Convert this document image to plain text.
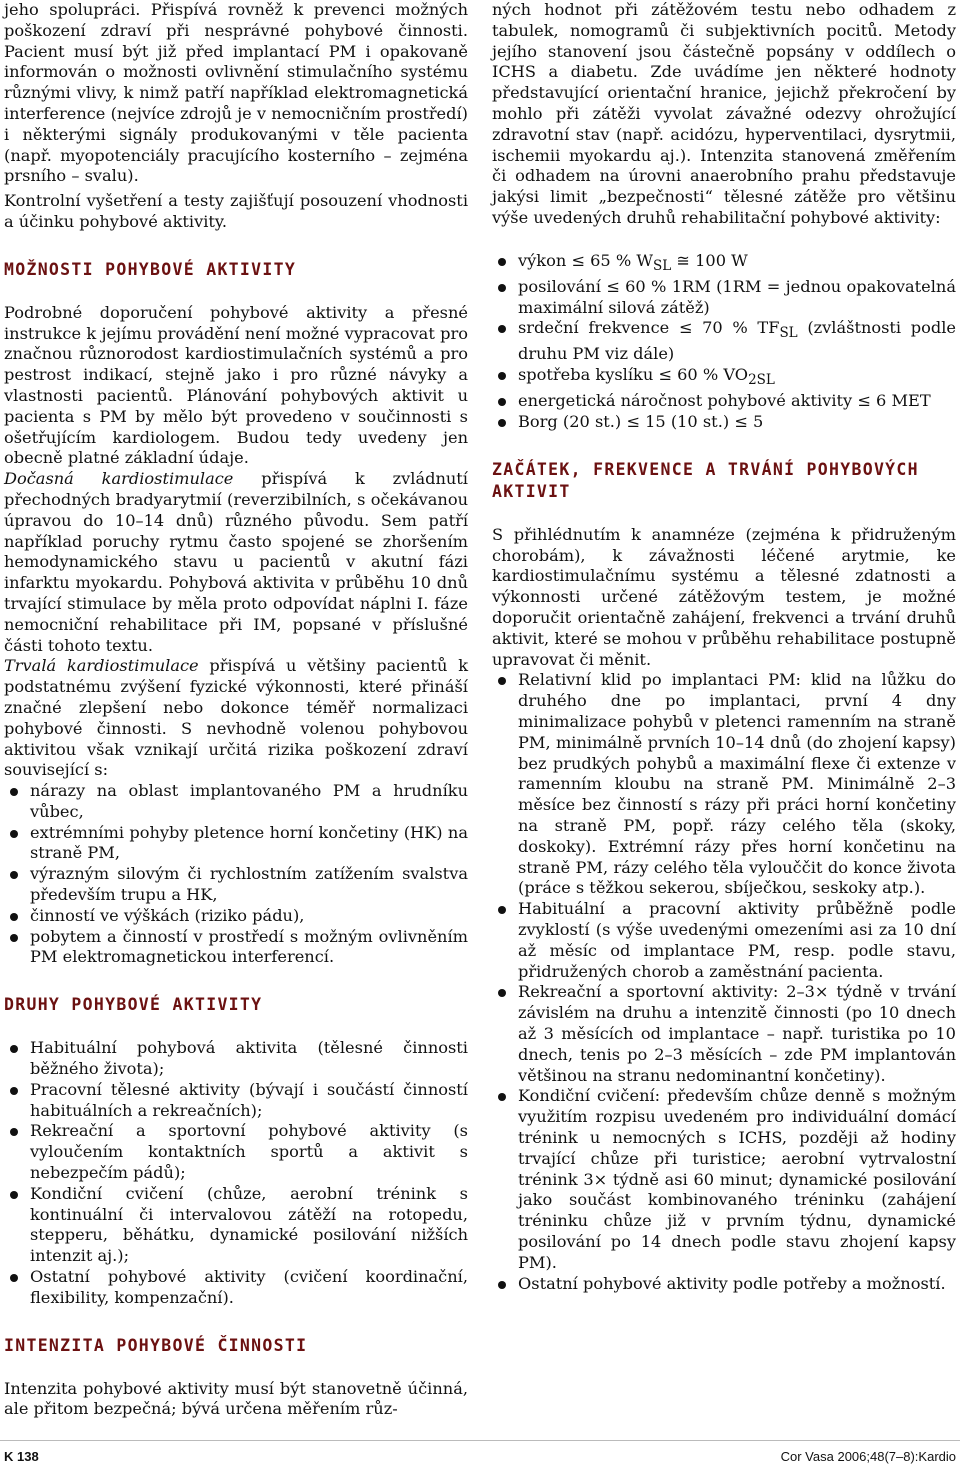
jeho spolupráci. Přispívá rovněž k prevenci možných poškození zdraví při nesprávné pohybové činnosti. Pacient musí být již před implantací PM i opakovaně informován o možnosti ovlivnění stimulačního systému různými vlivy, k nimž patří například elektromagnetická interference (nejvíce zdrojů je v nemocničním prostředí) i některými signály produkovanými v těle pacienta (např. myopotenciály pracujícího kosterního – zejména prsního – svalu).

Kontrolní vyšetření a testy zajišťují posouzení vhodnosti a účinku pohybové aktivity.

MOŽNOSTI POHYBOVÉ AKTIVITY

Podrobné doporučení pohybové aktivity a přesné instrukce k jejímu provádění není možné vypracovat pro značnou různorodost kardiostimulačních systémů a pro pestrost indikací, stejně jako i pro různé návyky a vlastnosti pacientů. Plánování pohybových aktivit u pacienta s PM by mělo být provedeno v součinnosti s ošetřujícím kardiologem. Budou tedy uvedeny jen obecně platné základní údaje.

Dočasná kardiostimulace přispívá k zvládnutí přechodných bradyarytmií (reverzibilních, s očekávanou úpravou do 10–14 dnů) různého původu. Sem patří například poruchy rytmu často spojené se zhoršením hemodynamického stavu u pacientů v akutní fázi infarktu myokardu. Pohybová aktivita v průběhu 10 dnů trvající stimulace by měla proto odpovídat náplni I. fáze nemocniční rehabilitace při IM, popsané v příslušné části tohoto textu.

Trvalá kardiostimulace přispívá u většiny pacientů k podstatnému zvýšení fyzické výkonnosti, které přináší značné zlepšení nebo dokonce téměř normalizaci pohybové činnosti. S nevhodně volenou pohybovou aktivitou však vznikají určitá rizika poškození zdraví související s:

nárazy na oblast implantovaného PM a hrudníku vůbec,
extrémními pohyby pletence horní končetiny (HK) na straně PM,
výrazným silovým či rychlostním zatížením svalstva především trupu a HK,
činností ve výškách (riziko pádu),
pobytem a činností v prostředí s možným ovlivněním PM elektromagnetickou interferencí.
DRUHY POHYBOVÉ AKTIVITY
Habituální pohybová aktivita (tělesné činnosti běžného života);
Pracovní tělesné aktivity (bývají i součástí činností habituálních a rekreačních);
Rekreační a sportovní pohybové aktivity (s vyloučením kontaktních sportů a aktivit s nebezpečím pádů);
Kondiční cvičení (chůze, aerobní trénink s kontinuální či intervalovou zátěží na rotopedu, stepperu, běhátku, dynamické posilování nižších intenzit aj.);
Ostatní pohybové aktivity (cvičení koordinační, flexibility, kompenzační).
INTENZITA POHYBOVÉ ČINNOSTI

Intenzita pohybové aktivity musí být stanovetně účinná, ale přitom bezpečná; bývá určena měřením růz-

ných hodnot při zátěžovém testu nebo odhadem z tabulek, nomogramů či subjektivních pocitů. Metody jejího stanovení jsou částečně popsány v oddílech o ICHS a diabetu. Zde uvádíme jen některé hodnoty představující orientační hranice, jejichž překročení by mohlo při zátěži vyvolat závažné odezvy ohrožující zdravotní stav (např. acidózu, hyperventilaci, dysrytmii, ischemii myokardu aj.). Intenzita stanovená změřením či odhadem na úrovni anaerobního prahu představuje jakýsi limit „bezpečnosti“ tělesné zátěže pro většinu výše uvedených druhů rehabilitační pohybové aktivity:

výkon ≤ 65 % $W_{SL}$ ≅ 100 W
posilování ≤ 60 % 1RM (1RM = jednou opakovatelná maximální silová zátěž)
srdeční frekvence ≤ 70 % $TF_{SL}$ (zvláštnosti podle druhu PM viz dále)
spotřeba kyslíku ≤ 60 % $VO_{2SL}$
energetická náročnost pohybové aktivity ≤ 6 MET
Borg (20 st.) ≤ 15 (10 st.) ≤ 5
ZAČÁTEK, FREKVENCE A TRVÁNÍ POHYBOVÝCH AKTIVIT

S přihlédnutím k anamnéze (zejména k přidruženým chorobám), k závažnosti léčené arytmie, ke kardiostimulačnímu systému a tělesné zdatnosti a výkonnosti určené zátěžovým testem, je možné doporučit orientačně zahájení, frekvenci a trvání druhů aktivit, které se mohou v průběhu rehabilitace postupně upravovat či měnit.

Relativní klid po implantaci PM: klid na lůžku do druhého dne po implantaci, první 4 dny minimalizace pohybů v pletenci ramenním na straně PM, minimálně prvních 10–14 dnů (do zhojení kapsy) bez prudkých pohybů a maximální flexe či extenze v ramenním kloubu na straně PM. Minimálně 2–3 měsíce bez činností s rázy při práci horní končetiny na straně PM, popř. rázy celého těla (skoky, doskoky). Extrémní rázy přes horní končetinu na straně PM, rázy celého těla vylouččit do konce života (práce s těžkou sekerou, sbíječkou, seskoky atp.).
Habituální a pracovní aktivity průběžně podle zvyklostí (s výše uvedenými omezeními asi za 10 dní až měsíc od implantace PM, resp. podle stavu, přidružených chorob a zaměstnání pacienta.
Rekreační a sportovní aktivity: 2–3× týdně v trvání závislém na druhu a intenzitě činnosti (po 10 dnech až 3 měsících od implantace – např. turistika po 10 dnech, tenis po 2–3 měsících – zde PM implantován většinou na stranu nedominantní končetiny).
Kondiční cvičení: především chůze denně s možným využitím rozpisu uvedeném pro individuální domácí trénink u nemocných s ICHS, později až hodiny trvající chůze při turistice; aerobní vytrvalostní trénink 3× týdně asi 60 minut; dynamické posilování jako součást kombinovaného tréninku (zahájení tréninku chůze již v prvním týdnu, dynamické posilování po 14 dnech podle stavu zhojení kapsy PM).
Ostatní pohybové aktivity podle potřeby a možností.
K 138	Cor Vasa 2006;48(7–8):Kardio
